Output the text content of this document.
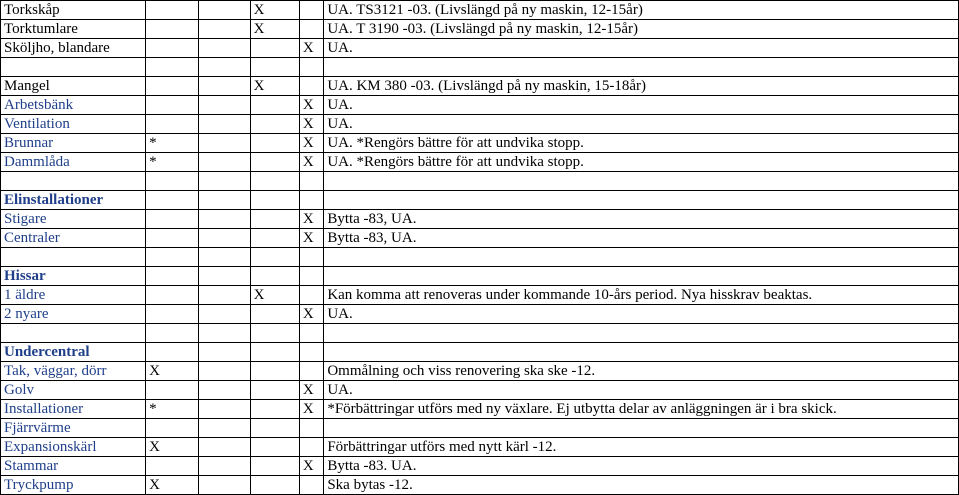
Torkskåp			X		UA. TS3121 -03. (Livslängd på ny maskin, 12-15år)
Torktumlare			X		UA. T 3190 -03. (Livslängd på ny maskin, 12-15år)
Sköljho, blandare				X	UA.

Mangel			X		UA. KM 380 -03. (Livslängd på ny maskin, 15-18år)
Arbetsbänk				X	UA.
Ventilation				X	UA.
Brunnar	*			X	UA. *Rengörs bättre för att undvika stopp.
Dammlåda	*			X	UA. *Rengörs bättre för att undvika stopp.

Elinstallationer					
Stigare				X	Bytta -83, UA.
Centraler				X	Bytta -83, UA.

Hissar					
1 äldre			X		Kan komma att renoveras under kommande 10-års period. Nya hisskrav beaktas.
2 nyare				X	UA.

Undercentral					
Tak, väggar, dörr	X				Ommålning och viss renovering ska ske -12.
Golv				X	UA.
Installationer	*			X	*Förbättringar utförs med ny växlare. Ej utbytta delar av anläggningen är i bra skick.
Fjärrvärme					
Expansionskärl	X				Förbättringar utförs med nytt kärl -12.
Stammar				X	Bytta -83. UA.
Tryckpump	X				Ska bytas -12.
